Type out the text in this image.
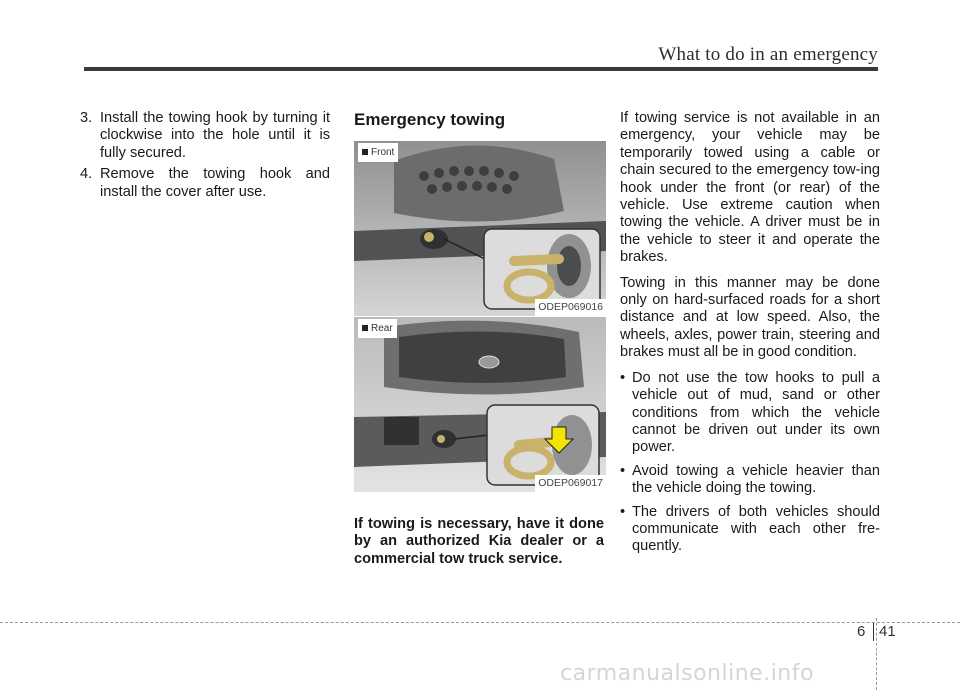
What to do in an emergency
3. Install the towing hook by turning it clockwise into the hole until it is fully secured.
4. Remove the towing hook and install the cover after use.
Emergency towing
Front
ODEP069016
Rear
ODEP069017
If towing is necessary, have it done by an authorized Kia dealer or a commercial tow truck service.

If towing service is not available in an emergency, your vehicle may be temporarily towed using a cable or chain secured to the emergency tow-ing hook under the front (or rear) of the vehicle. Use extreme caution when towing the vehicle. A driver must be in the vehicle to steer it and operate the brakes.

Towing in this manner may be done only on hard-surfaced roads for a short distance and at low speed. Also, the wheels, axles, power train, steering and brakes must all be in good condition.

• Do not use the tow hooks to pull a vehicle out of mud, sand or other conditions from which the vehicle cannot be driven out under its own power.
• Avoid towing a vehicle heavier than the vehicle doing the towing.
• The drivers of both vehicles should communicate with each other fre-quently.
6 41
carmanualsonline.info
